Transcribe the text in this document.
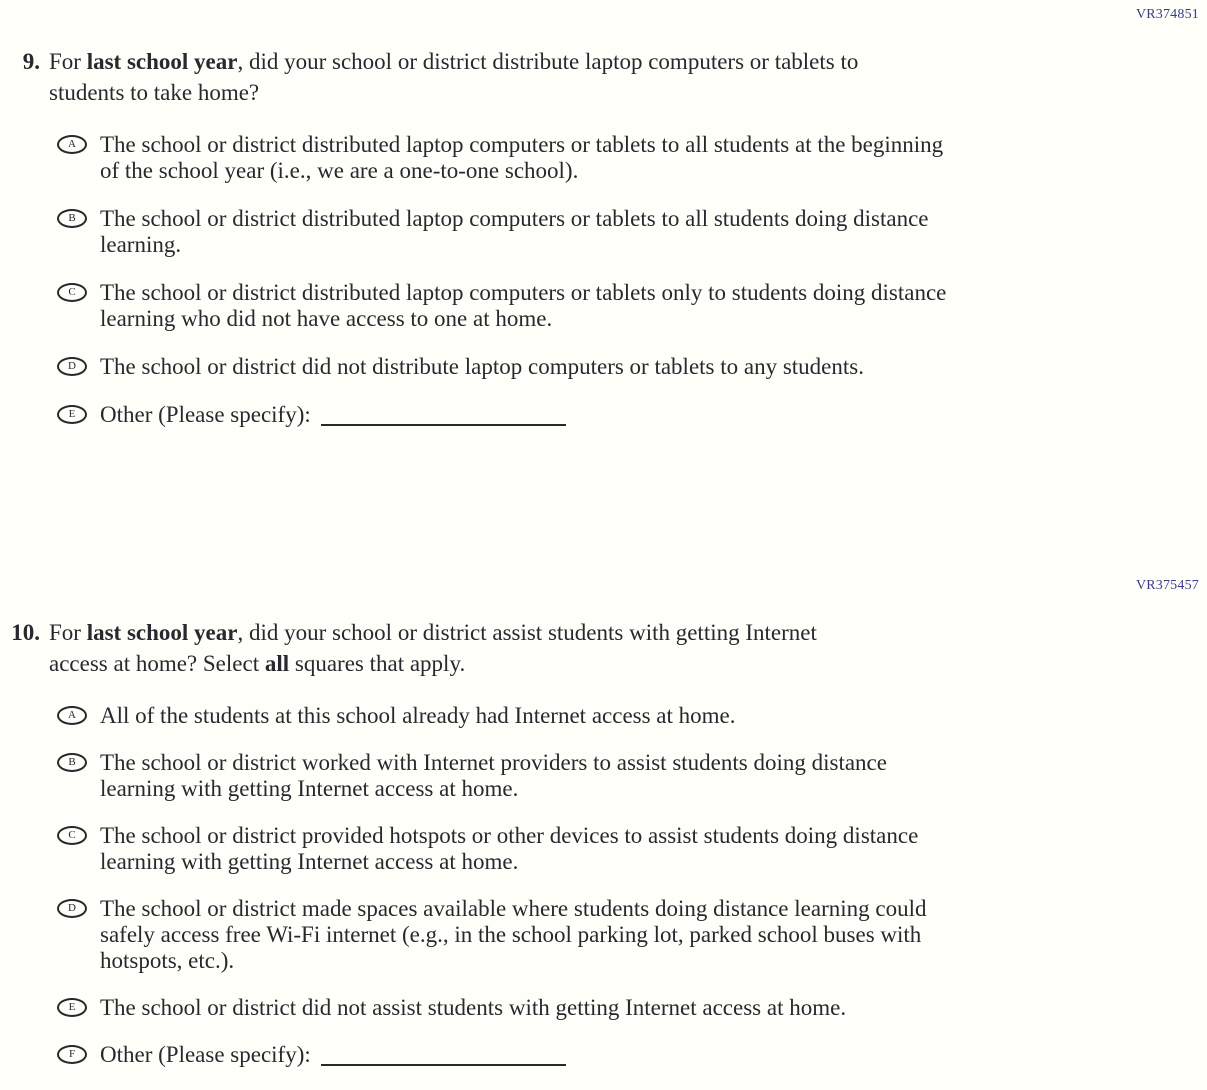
VR374851
9. For last school year, did your school or district distribute laptop computers or tablets to
students to take home?
A	The school or district distributed laptop computers or tablets to all students at the beginning
of the school year (i.e., we are a one-to-one school).
B	The school or district distributed laptop computers or tablets to all students doing distance
learning.
C	The school or district distributed laptop computers or tablets only to students doing distance
learning who did not have access to one at home.
D	The school or district did not distribute laptop computers or tablets to any students.
E	Other (Please specify):
VR375457
10. For last school year, did your school or district assist students with getting Internet
access at home? Select all squares that apply.
A	All of the students at this school already had Internet access at home.
B	The school or district worked with Internet providers to assist students doing distance
learning with getting Internet access at home.
C	The school or district provided hotspots or other devices to assist students doing distance
learning with getting Internet access at home.
D	The school or district made spaces available where students doing distance learning could
safely access free Wi-Fi internet (e.g., in the school parking lot, parked school buses with
hotspots, etc.).
E	The school or district did not assist students with getting Internet access at home.
F	Other (Please specify):
